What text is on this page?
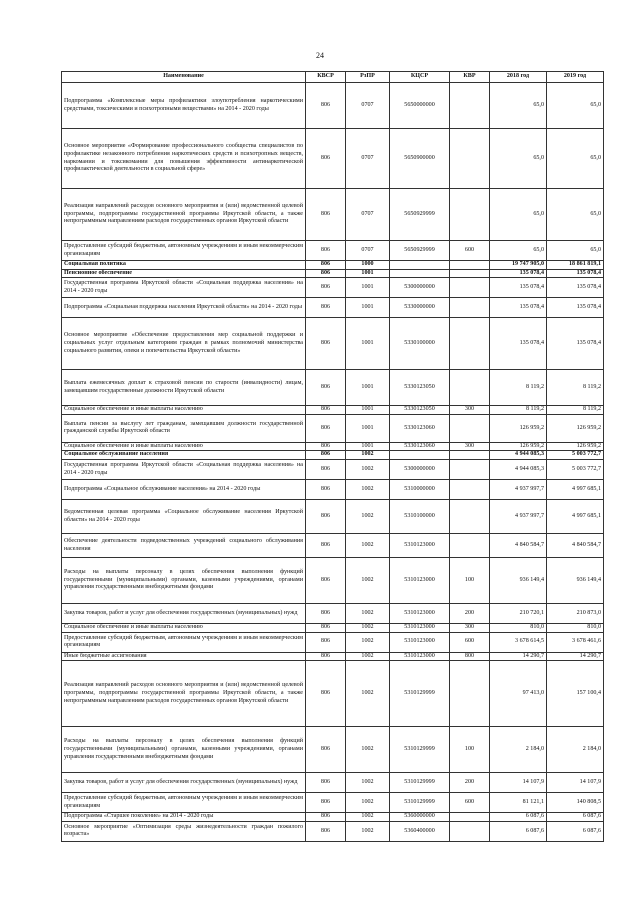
24
Наименование	КВСР	РзПР	КЦСР	КВР	2018 год	2019 год
Подпрограмма «Комплексные меры профилактики злоупотребления наркотическими средствами, токсическими и психотропными веществами» на 2014 - 2020 годы	806	0707	5650000000		65,0	65,0
Основное мероприятие «Формирование профессионального сообщества специалистов по профилактике незаконного потребления наркотических средств и психотропных веществ, наркомании и токсикомании для повышения эффективности антинаркотической профилактической деятельности в социальной сфере»	806	0707	5650900000		65,0	65,0
Реализация направлений расходов основного мероприятия и (или) ведомственной целевой программы, подпрограммы государственной программы Иркутской области, а также непрограммным направлениям расходов государственных органов Иркутской области	806	0707	5650929999		65,0	65,0
Предоставление субсидий бюджетным, автономным учреждениям и иным некоммерческим организациям	806	0707	5650929999	600	65,0	65,0
Социальная политика	806	1000			19 747 905,0	18 861 819,1
Пенсионное обеспечение	806	1001			135 078,4	135 078,4
Государственная программа Иркутской области «Социальная поддержка населения» на 2014 - 2020 годы	806	1001	5300000000		135 078,4	135 078,4
Подпрограмма «Социальная поддержка населения Иркутской области» на 2014 - 2020 годы	806	1001	5330000000		135 078,4	135 078,4
Основное мероприятие «Обеспечение предоставления мер социальной поддержки и социальных услуг отдельным категориям граждан в рамках полномочий министерства социального развития, опеки и попечительства Иркутской области»	806	1001	5330100000		135 078,4	135 078,4
Выплата ежемесячных доплат к страховой пенсии по старости (инвалидности) лицам, замещавшим государственные должности Иркутской области	806	1001	5330123050		8 119,2	8 119,2
Социальное обеспечение и иные выплаты населению	806	1001	5330123050	300	8 119,2	8 119,2
Выплата пенсии за выслугу лет гражданам, замещавшим должности государственной гражданской службы Иркутской области	806	1001	5330123060		126 959,2	126 959,2
Социальное обеспечение и иные выплаты населению	806	1001	5330123060	300	126 959,2	126 959,2
Социальное обслуживание населения	806	1002			4 944 085,3	5 003 772,7
Государственная программа Иркутской области «Социальная поддержка населения» на 2014 - 2020 годы	806	1002	5300000000		4 944 085,3	5 003 772,7
Подпрограмма «Социальное обслуживание населения» на 2014 - 2020 годы	806	1002	5310000000		4 937 997,7	4 997 685,1
Ведомственная целевая программа «Социальное обслуживание населения Иркутской области» на 2014 - 2020 годы	806	1002	5310100000		4 937 997,7	4 997 685,1
Обеспечение деятельности подведомственных учреждений социального обслуживания населения	806	1002	5310123000		4 840 584,7	4 840 584,7
Расходы на выплаты персоналу в целях обеспечения выполнения функций государственными (муниципальными) органами, казенными учреждениями, органами управления государственными внебюджетными фондами	806	1002	5310123000	100	936 149,4	936 149,4
Закупка товаров, работ и услуг для обеспечения государственных (муниципальных) нужд	806	1002	5310123000	200	210 720,1	210 873,0
Социальное обеспечение и иные выплаты населению	806	1002	5310123000	300	810,0	810,0
Предоставление субсидий бюджетным, автономным учреждениям и иным некоммерческим организациям	806	1002	5310123000	600	3 678 614,5	3 678 461,6
Иные бюджетные ассигнования	806	1002	5310123000	800	14 290,7	14 290,7
Реализация направлений расходов основного мероприятия и (или) ведомственной целевой программы, подпрограммы государственной программы Иркутской области, а также непрограммным направлениям расходов государственных органов Иркутской области	806	1002	5310129999		97 413,0	157 100,4
Расходы на выплаты персоналу в целях обеспечения выполнения функций государственными (муниципальными) органами, казенными учреждениями, органами управления государственными внебюджетными фондами	806	1002	5310129999	100	2 184,0	2 184,0
Закупка товаров, работ и услуг для обеспечения государственных (муниципальных) нужд	806	1002	5310129999	200	14 107,9	14 107,9
Предоставление субсидий бюджетным, автономным учреждениям и иным некоммерческим организациям	806	1002	5310129999	600	81 121,1	140 808,5
Подпрограмма «Старшее поколение» на 2014 - 2020 годы	806	1002	5360000000		6 087,6	6 087,6
Основное мероприятие «Оптимизация среды жизнедеятельности граждан пожилого возраста»	806	1002	5360400000		6 087,6	6 087,6
